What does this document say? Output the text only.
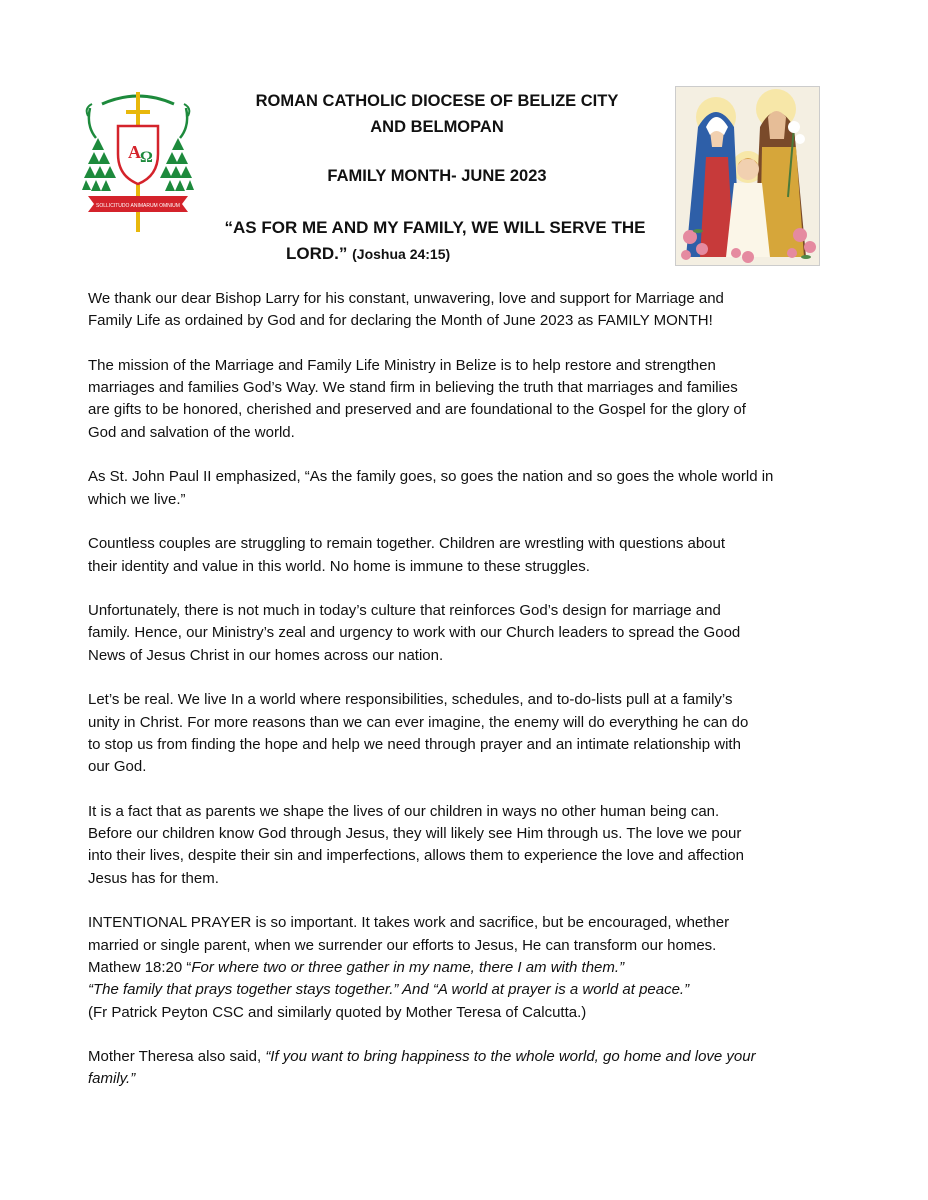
A Ω
SOLLICITUDO ANIMARUM OMNIUM
ROMAN CATHOLIC DIOCESE OF BELIZE CITY
AND BELMOPAN
FAMILY MONTH- JUNE 2023
“AS FOR ME AND MY FAMILY, WE WILL SERVE THE
LORD.” (Joshua 24:15)

We thank our dear Bishop Larry for his constant, unwavering, love and support for Marriage and
Family Life as ordained by God and for declaring the Month of June 2023 as FAMILY MONTH!

The mission of the Marriage and Family Life Ministry in Belize is to help restore and strengthen
marriages and families God’s Way. We stand firm in believing the truth that marriages and families
are gifts to be honored, cherished and preserved and are foundational to the Gospel for the glory of
God and salvation of the world.

As St. John Paul II emphasized, “As the family goes, so goes the nation and so goes the whole world in
which we live.”

Countless couples are struggling to remain together. Children are wrestling with questions about
their identity and value in this world. No home is immune to these struggles.

Unfortunately, there is not much in today’s culture that reinforces God’s design for marriage and
family. Hence, our Ministry’s zeal and urgency to work with our Church leaders to spread the Good
News of Jesus Christ in our homes across our nation.

Let’s be real. We live In a world where responsibilities, schedules, and to-do-lists pull at a family’s
unity in Christ. For more reasons than we can ever imagine, the enemy will do everything he can do
to stop us from finding the hope and help we need through prayer and an intimate relationship with
our God.

It is a fact that as parents we shape the lives of our children in ways no other human being can.
Before our children know God through Jesus, they will likely see Him through us. The love we pour
into their lives, despite their sin and imperfections, allows them to experience the love and affection
Jesus has for them.

INTENTIONAL PRAYER is so important. It takes work and sacrifice, but be encouraged, whether
married or single parent, when we surrender our efforts to Jesus, He can transform our homes.
Mathew 18:20 “For where two or three gather in my name, there I am with them.”
“The family that prays together stays together.” And “A world at prayer is a world at peace.”
(Fr Patrick Peyton CSC and similarly quoted by Mother Teresa of Calcutta.)

Mother Theresa also said, “If you want to bring happiness to the whole world, go home and love your
family.”
